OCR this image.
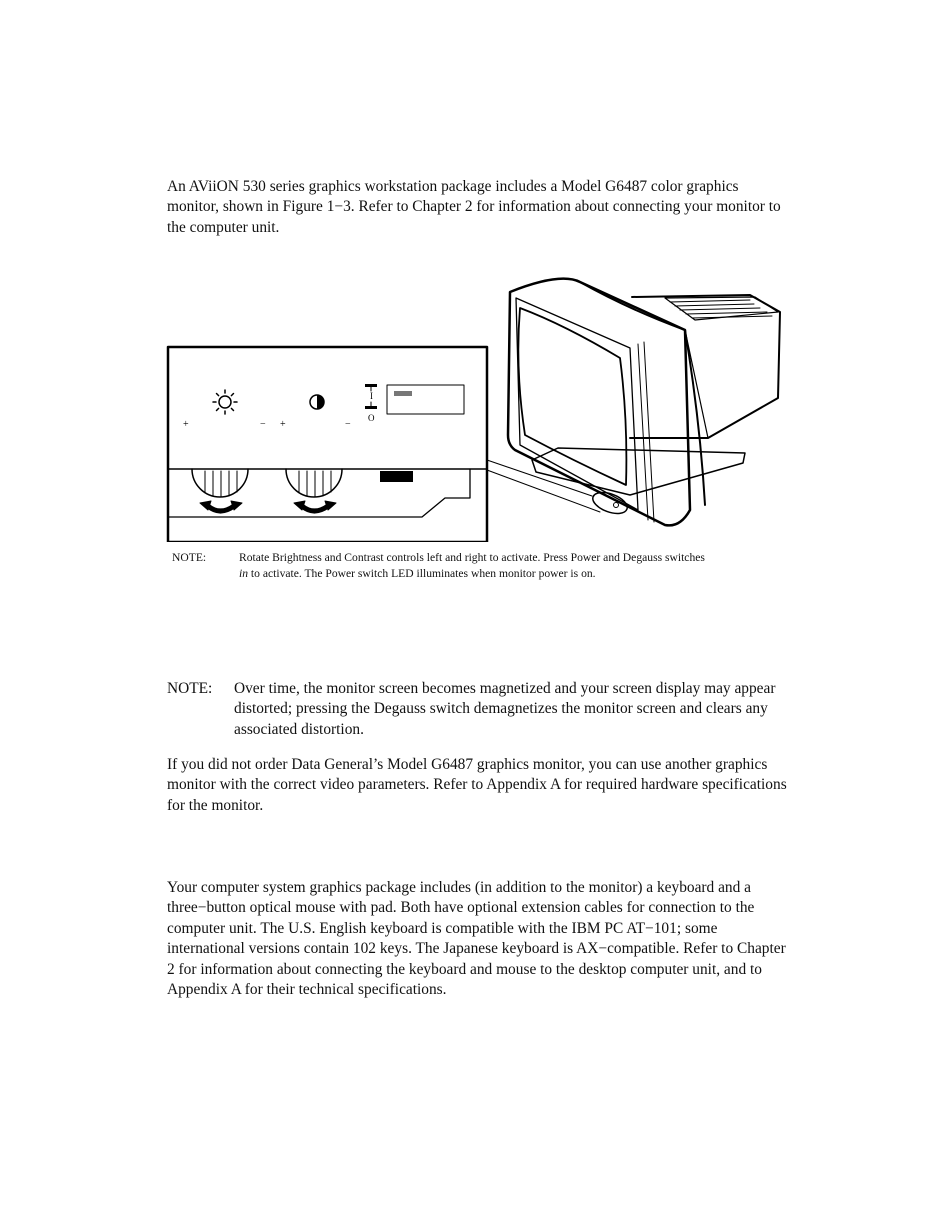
An AViiON 530 series graphics workstation package includes a Model G6487 color graphics monitor, shown in Figure 1−3. Refer to Chapter 2 for information about connecting your monitor to the computer unit.

+	− +	−
I
O
NOTE:	Rotate Brightness and Contrast controls left and right to activate. Press Power and Degauss switches in to activate. The Power switch LED illuminates when monitor power is on.
NOTE: Over time, the monitor screen becomes magnetized and your screen display may appear distorted; pressing the Degauss switch demagnetizes the monitor screen and clears any associated distortion.

If you did not order Data General’s Model G6487 graphics monitor, you can use another graphics monitor with the correct video parameters. Refer to Appendix A for required hardware specifications for the monitor.

Your computer system graphics package includes (in addition to the monitor) a keyboard and a three−button optical mouse with pad. Both have optional extension cables for connection to the computer unit. The U.S. English keyboard is compatible with the IBM PC AT−101; some international versions contain 102 keys. The Japanese keyboard is AX−compatible. Refer to Chapter 2 for information about connecting the keyboard and mouse to the desktop computer unit, and to Appendix A for their technical specifications.
